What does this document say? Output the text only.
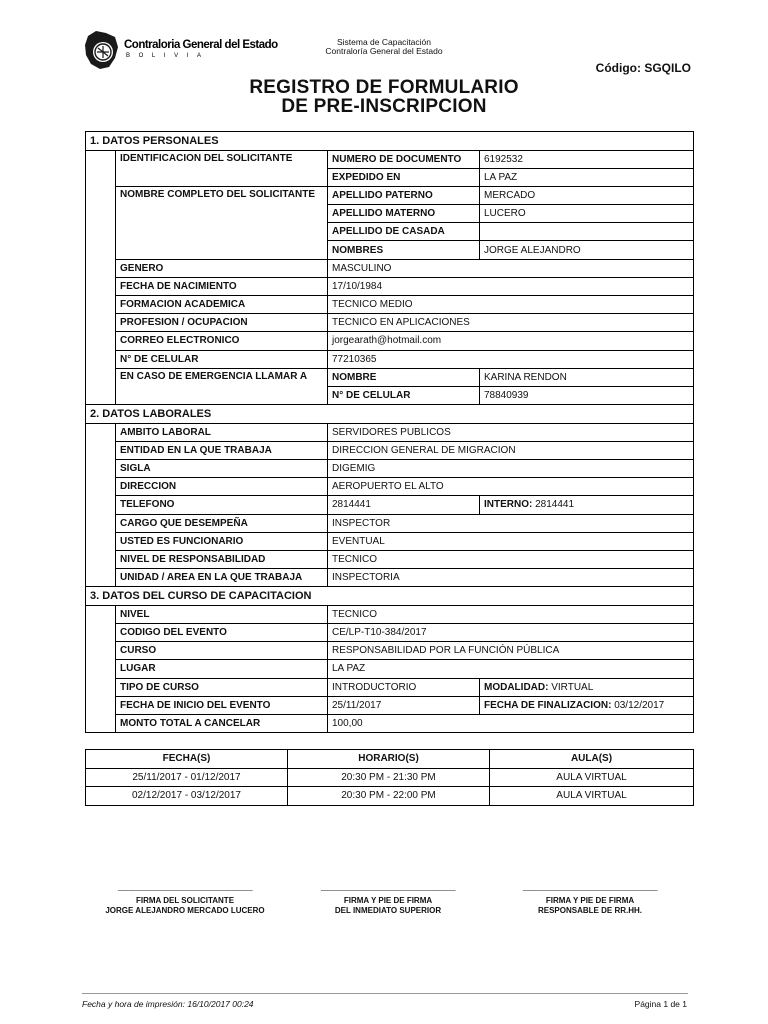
Contraloria General del Estado
BOLIVIA
Sistema de Capacitación
Contraloría General del Estado
Código: SGQILO
REGISTRO DE FORMULARIO
DE PRE-INSCRIPCION
1. DATOS PERSONALES			
	IDENTIFICACION DEL SOLICITANTE	NUMERO DE DOCUMENTO	6192532
		EXPEDIDO EN	LA PAZ
	NOMBRE COMPLETO DEL SOLICITANTE	APELLIDO PATERNO	MERCADO
		APELLIDO MATERNO	LUCERO
		APELLIDO DE CASADA	
		NOMBRES	JORGE ALEJANDRO
	GENERO	MASCULINO	
	FECHA DE NACIMIENTO	17/10/1984	
	FORMACION ACADEMICA	TECNICO MEDIO	
	PROFESION / OCUPACION	TECNICO EN APLICACIONES	
	CORREO ELECTRONICO	jorgearath@hotmail.com	
	N° DE CELULAR	77210365	
	EN CASO DE EMERGENCIA LLAMAR A	NOMBRE	KARINA RENDON
		N° DE CELULAR	78840939
2. DATOS LABORALES			
	AMBITO LABORAL	SERVIDORES PUBLICOS	
	ENTIDAD EN LA QUE TRABAJA	DIRECCION GENERAL DE MIGRACION	
	SIGLA	DIGEMIG	
	DIRECCION	AEROPUERTO EL ALTO	
	TELEFONO	2814441	INTERNO: 2814441
	CARGO QUE DESEMPEÑA	INSPECTOR	
	USTED ES FUNCIONARIO	EVENTUAL	
	NIVEL DE RESPONSABILIDAD	TECNICO	
	UNIDAD / AREA EN LA QUE TRABAJA	INSPECTORIA	
3. DATOS DEL CURSO DE CAPACITACION			
	NIVEL	TECNICO	
	CODIGO DEL EVENTO	CE/LP-T10-384/2017	
	CURSO	RESPONSABILIDAD POR LA FUNCIÓN PÚBLICA	
	LUGAR	LA PAZ	
	TIPO DE CURSO	INTRODUCTORIO	MODALIDAD: VIRTUAL
	FECHA DE INICIO DEL EVENTO	25/11/2017	FECHA DE FINALIZACION: 03/12/2017
	MONTO TOTAL A CANCELAR	100,00	
FECHA(S)	HORARIO(S)	AULA(S)
25/11/2017 - 01/12/2017	20:30 PM - 21:30 PM	AULA VIRTUAL
02/12/2017 - 03/12/2017	20:30 PM - 22:00 PM	AULA VIRTUAL
------------------------------------------------------------------------------------------
FIRMA DEL SOLICITANTE
JORGE ALEJANDRO MERCADO LUCERO
------------------------------------------------------------------------------------------
FIRMA Y PIE DE FIRMA
DEL INMEDIATO SUPERIOR
------------------------------------------------------------------------------------------
FIRMA Y PIE DE FIRMA
RESPONSABLE DE RR.HH.
Fecha y hora de impresión: 16/10/2017 00:24	Página 1 de 1
